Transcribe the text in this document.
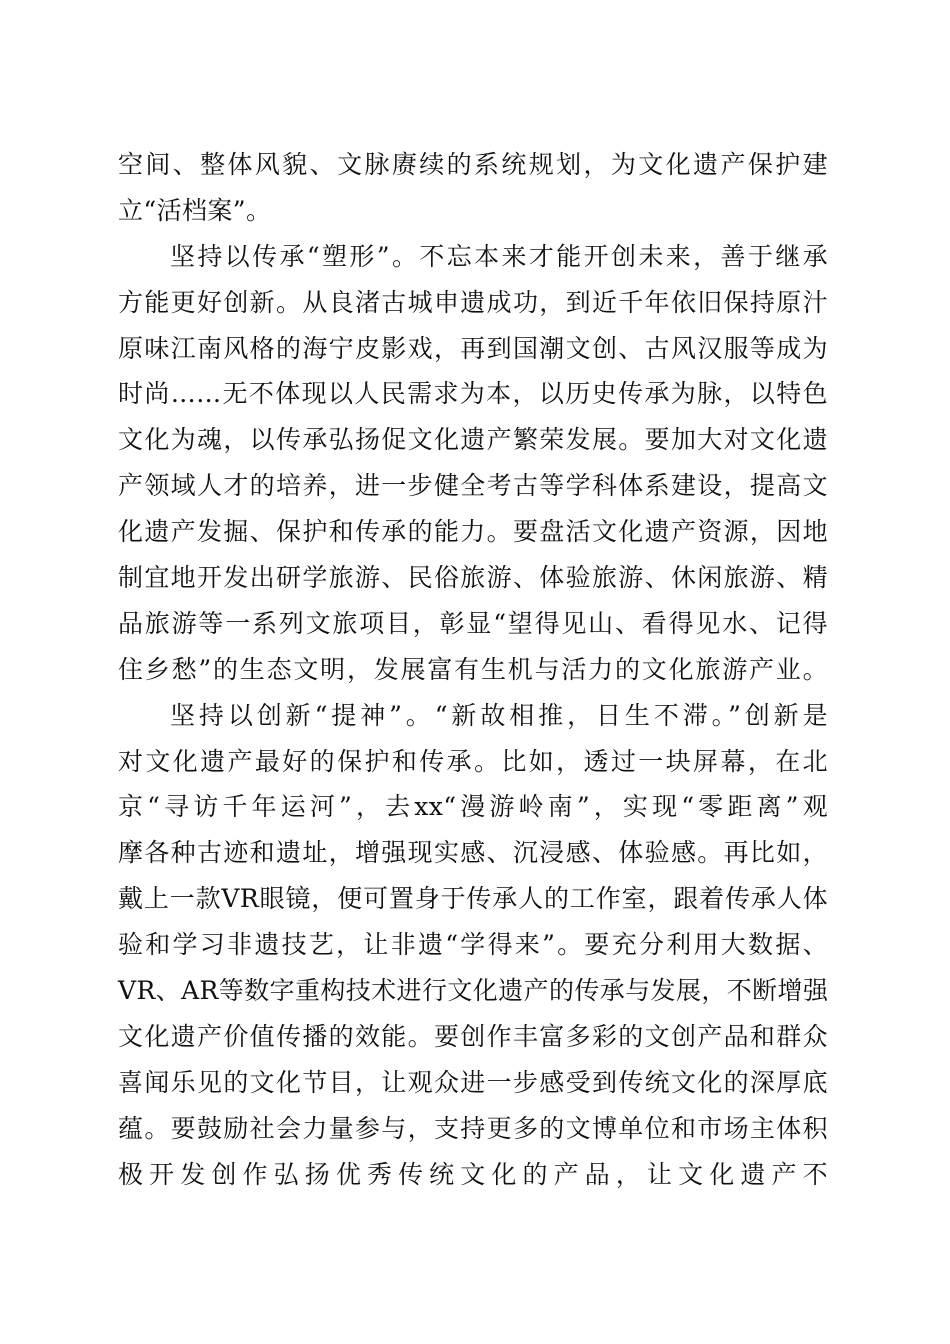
空间、整体风貌、文脉赓续的系统规划，为文化遗产保护建
立“活档案”。
坚持以传承“塑形”。不忘本来才能开创未来，善于继承
方能更好创新。从良渚古城申遗成功，到近千年依旧保持原汁
原味江南风格的海宁皮影戏，再到国潮文创、古风汉服等成为
时尚……无不体现以人民需求为本，以历史传承为脉，以特色
文化为魂，以传承弘扬促文化遗产繁荣发展。要加大对文化遗
产领域人才的培养，进一步健全考古等学科体系建设，提高文
化遗产发掘、保护和传承的能力。要盘活文化遗产资源，因地
制宜地开发出研学旅游、民俗旅游、体验旅游、休闲旅游、精
品旅游等一系列文旅项目，彰显“望得见山、看得见水、记得
住乡愁”的生态文明，发展富有生机与活力的文化旅游产业。
坚持以创新“提神”。“新故相推，日生不滞。”创新是
对文化遗产最好的保护和传承。比如，透过一块屏幕，在北
京“寻访千年运河”，去xx“漫游岭南”，实现“零距离”观
摩各种古迹和遗址，增强现实感、沉浸感、体验感。再比如，
戴上一款VR眼镜，便可置身于传承人的工作室，跟着传承人体
验和学习非遗技艺，让非遗“学得来”。要充分利用大数据、
VR、AR等数字重构技术进行文化遗产的传承与发展，不断增强
文化遗产价值传播的效能。要创作丰富多彩的文创产品和群众
喜闻乐见的文化节目，让观众进一步感受到传统文化的深厚底
蕴。要鼓励社会力量参与，支持更多的文博单位和市场主体积
极开发创作弘扬优秀传统文化的产品，让文化遗产不
